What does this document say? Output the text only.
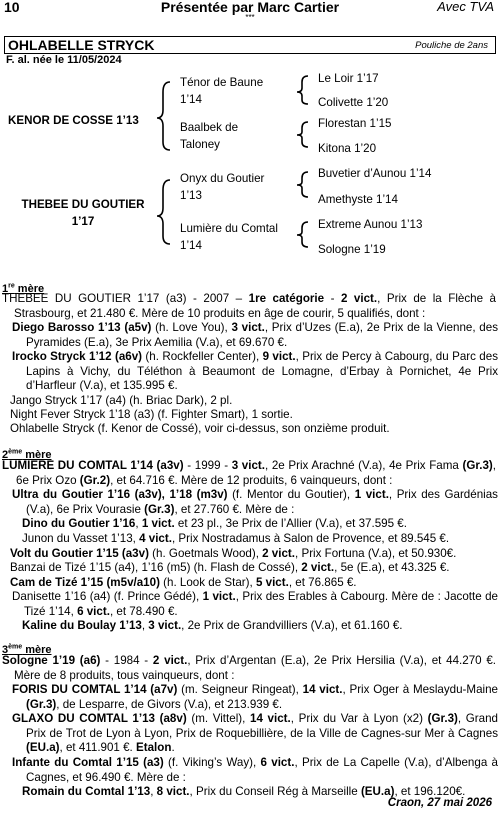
10	Présentée par Marc Cartier
***
Avec TVA
OHLABELLE STRYCK	Pouliche de 2ans
F. al. née le 11/05/2024
KENOR DE COSSE 1’13
THEBEE DU GOUTIER
1’17
Ténor de Baune
1’14
Baalbek de
Taloney
Onyx du Goutier
1’13
Lumière du Comtal
1’14
Le Loir 1’17
Colivette 1’20
Florestan 1’15
Kitona 1’20
Buvetier d’Aunou 1’14
Amethyste 1’14
Extreme Aunou 1’13
Sologne 1’19
1re mère
THEBEE DU GOUTIER 1’17 (a3) - 2007 – 1re catégorie - 2 vict., Prix de la Flèche à Strasbourg, et 21.480 €. Mère de 10 produits en âge de courir, 5 qualifiés, dont :
Diego Barosso 1’13 (a5v) (h. Love You), 3 vict., Prix d’Uzes (E.a), 2e Prix de la Vienne, des Pyramides (E.a), 3e Prix Aemilia (V.a), et 69.670 €.
Irocko Stryck 1’12 (a6v) (h. Rockfeller Center), 9 vict., Prix de Percy à Cabourg, du Parc des Lapins à Vichy, du Téléthon à Beaumont de Lomagne, d’Erbay à Pornichet, 4e Prix d’Harfleur (V.a), et 135.995 €.
Jango Stryck 1’17 (a4) (h. Briac Dark), 2 pl.
Night Fever Stryck 1’18 (a3) (f. Fighter Smart), 1 sortie.
Ohlabelle Stryck (f. Kenor de Cossé), voir ci-dessus, son onzième produit.
2ème mère
LUMIERE DU COMTAL 1’14 (a3v) - 1999 - 3 vict., 2e Prix Arachné (V.a), 4e Prix Fama (Gr.3), 6e Prix Ozo (Gr.2), et 64.716 €. Mère de 12 produits, 6 vainqueurs, dont :
Ultra du Goutier 1’16 (a3v), 1’18 (m3v) (f. Mentor du Goutier), 1 vict., Prix des Gardénias (V.a), 6e Prix Vourasie (Gr.3), et 27.760 €. Mère de :
Dino du Goutier 1’16, 1 vict. et 23 pl., 3e Prix de l’Allier (V.a), et 37.595 €.
Junon du Vasset 1’13, 4 vict., Prix Nostradamus à Salon de Provence, et 89.545 €.
Volt du Goutier 1’15 (a3v) (h. Goetmals Wood), 2 vict., Prix Fortuna (V.a), et 50.930€.
Banzai de Tizé 1’15 (a4), 1’16 (m5) (h. Flash de Cossé), 2 vict., 5e (E.a), et 43.325 €.
Cam de Tizé 1’15 (m5v/a10) (h. Look de Star), 5 vict., et 76.865 €.
Danisette 1’16 (a4) (f. Prince Gédé), 1 vict., Prix des Erables à Cabourg. Mère de : Jacotte de Tizé 1’14, 6 vict., et 78.490 €.
Kaline du Boulay 1’13, 3 vict., 2e Prix de Grandvilliers (V.a), et 61.160 €.
3ème mère
Sologne 1’19 (a6) - 1984 - 2 vict., Prix d’Argentan (E.a), 2e Prix Hersilia (V.a), et 44.270 €. Mère de 8 produits, tous vainqueurs, dont :
FORIS DU COMTAL 1’14 (a7v) (m. Seigneur Ringeat), 14 vict., Prix Oger à Meslaydu-Maine (Gr.3), de Lesparre, de Givors (V.a), et 213.939 €.
GLAXO DU COMTAL 1’13 (a8v) (m. Vittel), 14 vict., Prix du Var à Lyon (x2) (Gr.3), Grand Prix de Trot de Lyon à Lyon, Prix de Roquebillière, de la Ville de Cagnes-sur Mer à Cagnes (EU.a), et 411.901 €. Etalon.
Infante du Comtal 1’15 (a3) (f. Viking’s Way), 6 vict., Prix de La Capelle (V.a), d’Albenga à Cagnes, et 96.490 €. Mère de :
Romain du Comtal 1’13, 8 vict., Prix du Conseil Rég à Marseille (EU.a), et 196.120€.
Craon, 27 mai 2026
